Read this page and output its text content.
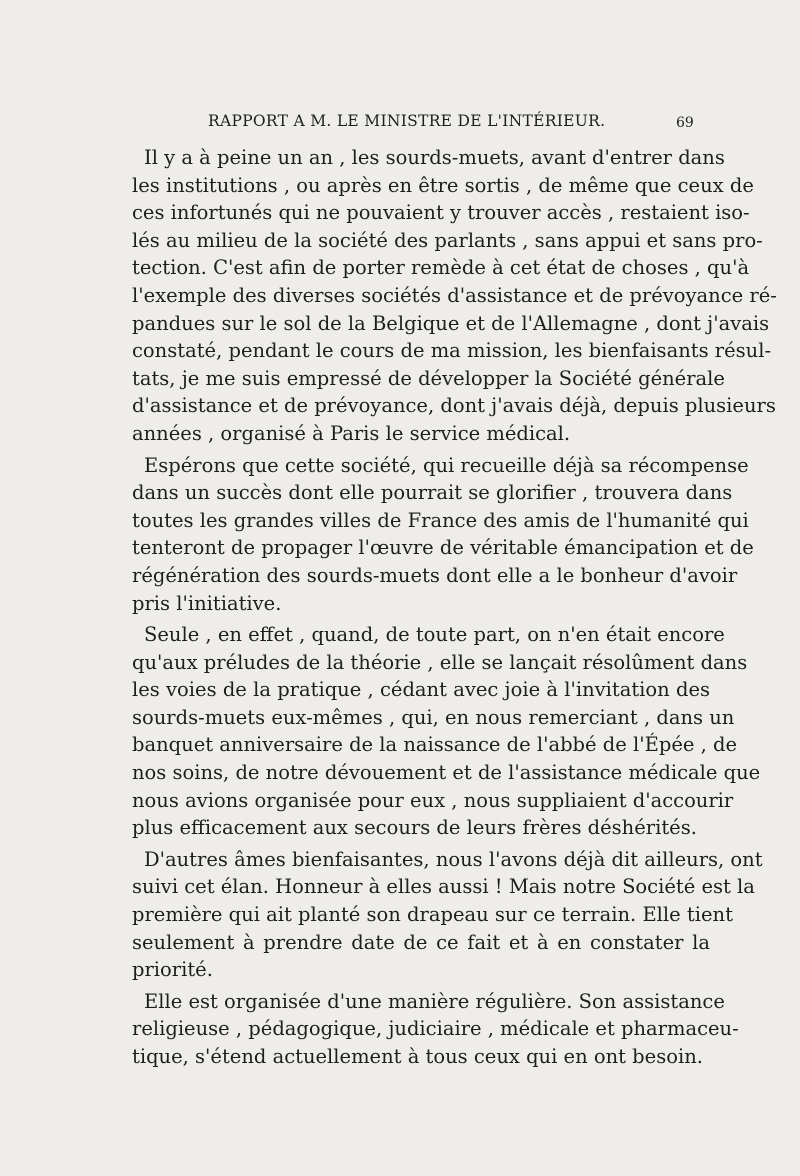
RAPPORT A M. LE MINISTRE DE L'INTÉRIEUR.	69
Il y a à peine un an , les sourds-muets, avant d'entrer dans
les institutions , ou après en être sortis , de même que ceux de
ces infortunés qui ne pouvaient y trouver accès , restaient iso-
lés au milieu de la société des parlants , sans appui et sans pro-
tection. C'est afin de porter remède à cet état de choses , qu'à
l'exemple des diverses sociétés d'assistance et de prévoyance ré-
pandues sur le sol de la Belgique et de l'Allemagne , dont j'avais
constaté, pendant le cours de ma mission, les bienfaisants résul-
tats, je me suis empressé de développer la Société générale
d'assistance et de prévoyance, dont j'avais déjà, depuis plusieurs
années , organisé à Paris le service médical.
Espérons que cette société, qui recueille déjà sa récompense
dans un succès dont elle pourrait se glorifier , trouvera dans
toutes les grandes villes de France des amis de l'humanité qui
tenteront de propager l'œuvre de véritable émancipation et de
régénération des sourds-muets dont elle a le bonheur d'avoir
pris l'initiative.
Seule , en effet , quand, de toute part, on n'en était encore
qu'aux préludes de la théorie , elle se lançait résolûment dans
les voies de la pratique , cédant avec joie à l'invitation des
sourds-muets eux-mêmes , qui, en nous remerciant , dans un
banquet anniversaire de la naissance de l'abbé de l'Épée , de
nos soins, de notre dévouement et de l'assistance médicale que
nous avions organisée pour eux , nous suppliaient d'accourir
plus efficacement aux secours de leurs frères déshérités.
D'autres âmes bienfaisantes, nous l'avons déjà dit ailleurs, ont
suivi cet élan. Honneur à elles aussi ! Mais notre Société est la
première qui ait planté son drapeau sur ce terrain. Elle tient
seulement à prendre date de ce fait et à en constater la
priorité.
Elle est organisée d'une manière régulière. Son assistance
religieuse , pédagogique, judiciaire , médicale et pharmaceu-
tique, s'étend actuellement à tous ceux qui en ont besoin.
